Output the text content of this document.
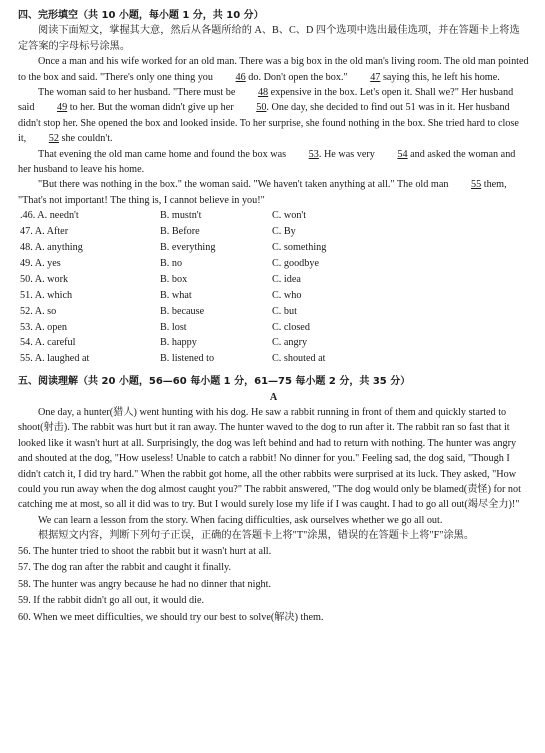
四、完形填空（共 10 小题，每小题 1 分，共 10 分）

阅读下面短文，掌握其大意，然后从各题所给的 A、B、C、D 四个选项中选出最佳选项，并在答题卡上将选定答案的字母标号涂黑。

Once a man and his wife worked for an old man. There was a big box in the old man's living room. The old man pointed to the box and said. "There's only one thing you 46 do. Don't open the box." 47 saying this, he left his home.

The woman said to her husband. "There must be 48 expensive in the box. Let's open it. Shall we?" Her husband said 49 to her. But the woman didn't give up her 50. One day, she decided to find out 51 was in it. Her husband didn't stop her. She opened the box and looked inside. To her surprise, she found nothing in the box. She tried hard to close it, 52 she couldn't.

That evening the old man came home and found the box was 53. He was very 54 and asked the woman and her husband to leave his home.

"But there was nothing in the box." the woman said. "We haven't taken anything at all." The old man 55 them, "That's not important! The thing is, I cannot believe in you!"

.46. A. needn't	B. mustn't	C. won't
47. A. After	B. Before	C. By
48. A. anything	B. everything	C. something
49. A. yes	B. no	C. goodbye
50. A. work	B. box	C. idea
51. A. which	B. what	C. who
52. A. so	B. because	C. but
53. A. open	B. lost	C. closed
54. A. careful	B. happy	C. angry
55. A. laughed at	B. listened to	C. shouted at
五、阅读理解（共 20 小题，56—60 每小题 1 分，61—75 每小题 2 分，共 35 分）
A

One day, a hunter(猎人) went hunting with his dog. He saw a rabbit running in front of them and quickly started to shoot(射击). The rabbit was hurt but it ran away. The hunter waved to the dog to run after it. The rabbit ran so fast that it looked like it wasn't hurt at all. Surprisingly, the dog was left behind and had to return with nothing. The hunter was angry and shouted at the dog, "How useless! Unable to catch a rabbit! No dinner for you." Feeling sad, the dog said, "Though I didn't catch it, I did try hard." When the rabbit got home, all the other rabbits were surprised at its luck. They asked, "How could you run away when the dog almost caught you?" The rabbit answered, "The dog would only be blamed(责怪) for not catching me at most, so all it did was to try. But I would surely lose my life if I was caught. I had to go all out(竭尽全力)!"

We can learn a lesson from the story. When facing difficulties, ask ourselves whether we go all out.

根据短文内容，判断下列句子正误，正确的在答题卡上将"T"涂黑，错误的在答题卡上将"F"涂黑。

56. The hunter tried to shoot the rabbit but it wasn't hurt at all.
57. The dog ran after the rabbit and caught it finally.
58. The hunter was angry because he had no dinner that night.
59. If the rabbit didn't go all out, it would die.
60. When we meet difficulties, we should try our best to solve(解决) them.
